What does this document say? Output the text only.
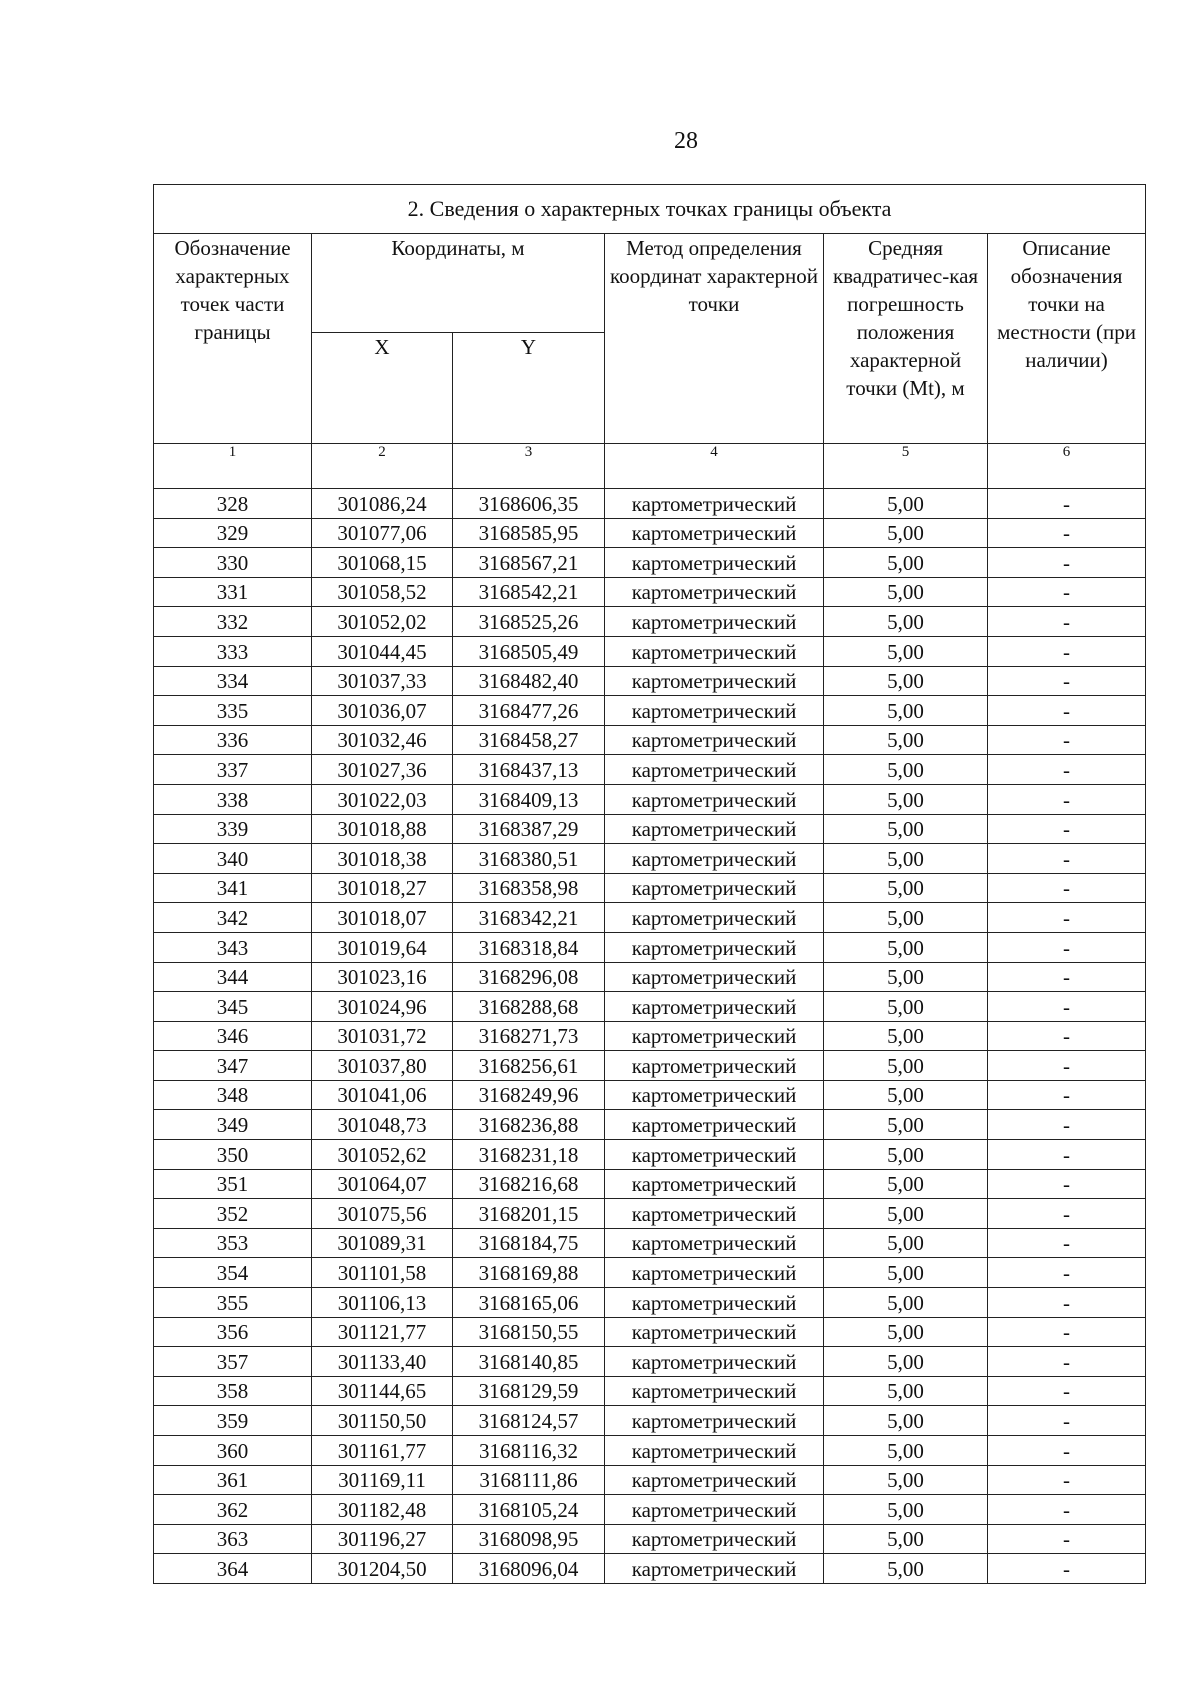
28
2. Сведения о характерных точках границы объекта					
Обозначение характерных точек части границы	Координаты, м		Метод определения координат характерной точки	Средняя квадратичес-кая погрешность положения характерной точки (Mt), м	Описание обозначения точки на местности (при наличии)
	X	Y			
1	2	3	4	5	6
328	301086,24	3168606,35	картометрический	5,00	-
329	301077,06	3168585,95	картометрический	5,00	-
330	301068,15	3168567,21	картометрический	5,00	-
331	301058,52	3168542,21	картометрический	5,00	-
332	301052,02	3168525,26	картометрический	5,00	-
333	301044,45	3168505,49	картометрический	5,00	-
334	301037,33	3168482,40	картометрический	5,00	-
335	301036,07	3168477,26	картометрический	5,00	-
336	301032,46	3168458,27	картометрический	5,00	-
337	301027,36	3168437,13	картометрический	5,00	-
338	301022,03	3168409,13	картометрический	5,00	-
339	301018,88	3168387,29	картометрический	5,00	-
340	301018,38	3168380,51	картометрический	5,00	-
341	301018,27	3168358,98	картометрический	5,00	-
342	301018,07	3168342,21	картометрический	5,00	-
343	301019,64	3168318,84	картометрический	5,00	-
344	301023,16	3168296,08	картометрический	5,00	-
345	301024,96	3168288,68	картометрический	5,00	-
346	301031,72	3168271,73	картометрический	5,00	-
347	301037,80	3168256,61	картометрический	5,00	-
348	301041,06	3168249,96	картометрический	5,00	-
349	301048,73	3168236,88	картометрический	5,00	-
350	301052,62	3168231,18	картометрический	5,00	-
351	301064,07	3168216,68	картометрический	5,00	-
352	301075,56	3168201,15	картометрический	5,00	-
353	301089,31	3168184,75	картометрический	5,00	-
354	301101,58	3168169,88	картометрический	5,00	-
355	301106,13	3168165,06	картометрический	5,00	-
356	301121,77	3168150,55	картометрический	5,00	-
357	301133,40	3168140,85	картометрический	5,00	-
358	301144,65	3168129,59	картометрический	5,00	-
359	301150,50	3168124,57	картометрический	5,00	-
360	301161,77	3168116,32	картометрический	5,00	-
361	301169,11	3168111,86	картометрический	5,00	-
362	301182,48	3168105,24	картометрический	5,00	-
363	301196,27	3168098,95	картометрический	5,00	-
364	301204,50	3168096,04	картометрический	5,00	-
